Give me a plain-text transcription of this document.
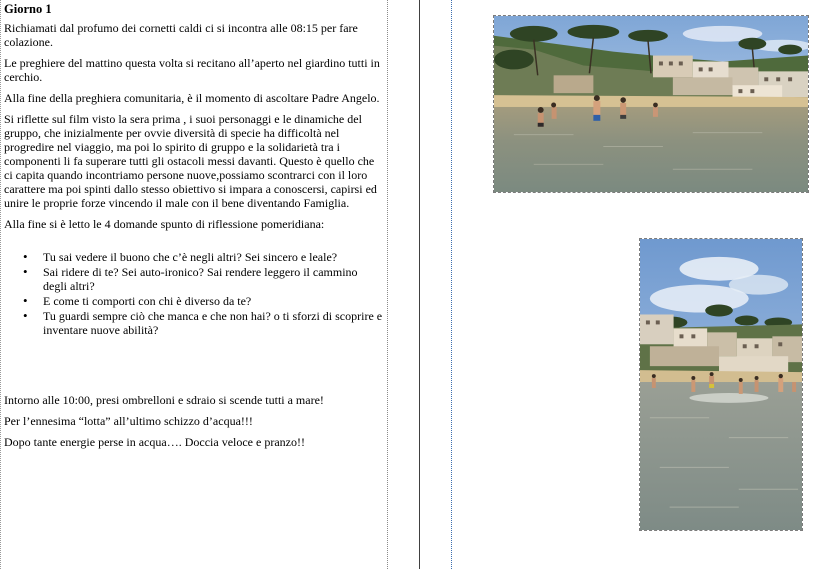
Giorno 1

Richiamati dal profumo dei cornetti caldi ci si incontra alle 08:15 per fare colazione.

Le preghiere del mattino questa volta si recitano all’aperto nel giardino tutti in cerchio.

Alla fine della preghiera comunitaria, è il momento di ascoltare Padre Angelo.

Si riflette sul film visto la sera prima , i suoi personaggi e le dinamiche del gruppo, che inizialmente per ovvie diversità di specie ha difficoltà nel progredire nel viaggio, ma poi lo spirito di gruppo e la solidarietà tra i componenti li fa superare tutti gli ostacoli messi davanti. Questo è quello che ci capita quando incontriamo persone nuove,possiamo scontrarci con il loro carattere ma poi spinti dallo stesso obiettivo si impara a conoscersi, capirsi ed unire le proprie forze vincendo il male con il bene diventando Famiglia.

Alla fine si è letto le 4 domande spunto di riflessione pomeridiana:

• Tu sai vedere il buono che c’è negli altri? Sei sincero e leale?
• Sai ridere di te? Sei auto-ironico? Sai rendere leggero il cammino degli altri?
• E come ti comporti con chi è diverso da te?
• Tu guardi sempre ciò che manca e che non hai? o ti sforzi di scoprire e inventare nuove abilità?

Intorno alle 10:00, presi ombrelloni e sdraio si scende tutti a mare!

Per l’ennesima “lotta” all’ultimo schizzo d’acqua!!!

Dopo tante energie perse in acqua…. Doccia veloce e pranzo!!
